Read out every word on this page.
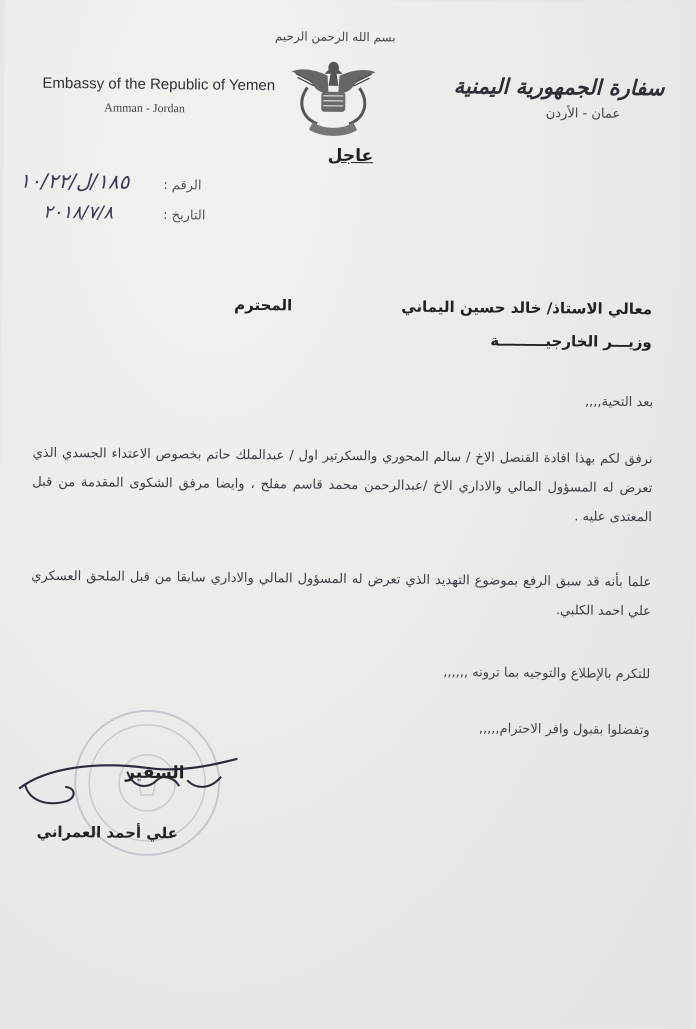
بسم الله الرحمن الرحيم
Embassy of the Republic of Yemen
Amman - Jordan
سفارة الجمهورية اليمنية
عمان - الأردن
عاجل
الرقم :
١٨٥/ل/١٠/٢٢
التاريخ :
٢٠١٨/٧/٨
معالي الاستاذ/ خالد حسين اليماني
المحترم
وزيـــر الخارجيـــــــــة
بعد التحية,,,,
نرفق لكم بهذا افادة القنصل الاخ / سالم المحوري والسكرتير اول / عبدالملك حاتم بخصوص الاعتداء الجسدي الذي تعرض له المسؤول المالي والاداري الاخ /عبدالرحمن محمد قاسم مفلح ، وايضا مرفق الشكوى المقدمة من قبل المعتدى عليه .
علما بأنه قد سبق الرفع بموضوع التهديد الذي تعرض له المسؤول المالي والاداري سابقا من قبل الملحق العسكري علي احمد الكلبي.
للتكرم بالإطلاع والتوجيه بما ترونه ,,,,,,
وتفضلوا بقبول وافر الاحترام,,,,,
السفير
علي أحمد العمراني
